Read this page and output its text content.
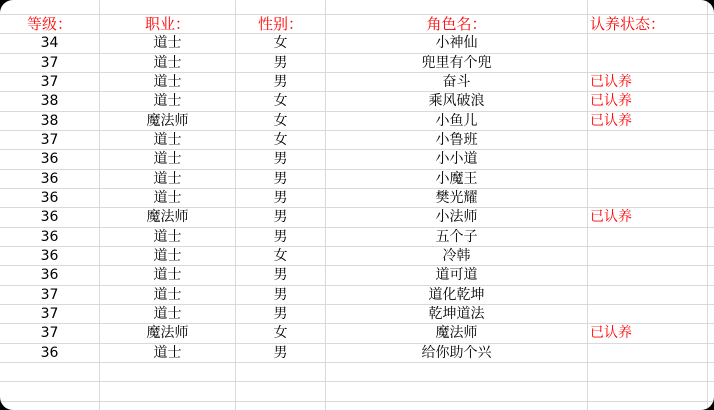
等级：	职业：	性别：	角色名：	认养状态：
34	道士	女	小神仙
37	道士	男	兜里有个兜
37	道士	男	奋斗	已认养
38	道士	女	乘风破浪	已认养
38	魔法师	女	小鱼儿	已认养
37	道士	女	小鲁班
36	道士	男	小小道
36	道士	男	小魔王
36	道士	男	樊光耀
36	魔法师	男	小法师	已认养
36	道士	男	五个子
36	道士	女	冷韩
36	道士	男	道可道
37	道士	男	道化乾坤
37	道士	男	乾坤道法
37	魔法师	女	魔法师	已认养
36	道士	男	给你助个兴
